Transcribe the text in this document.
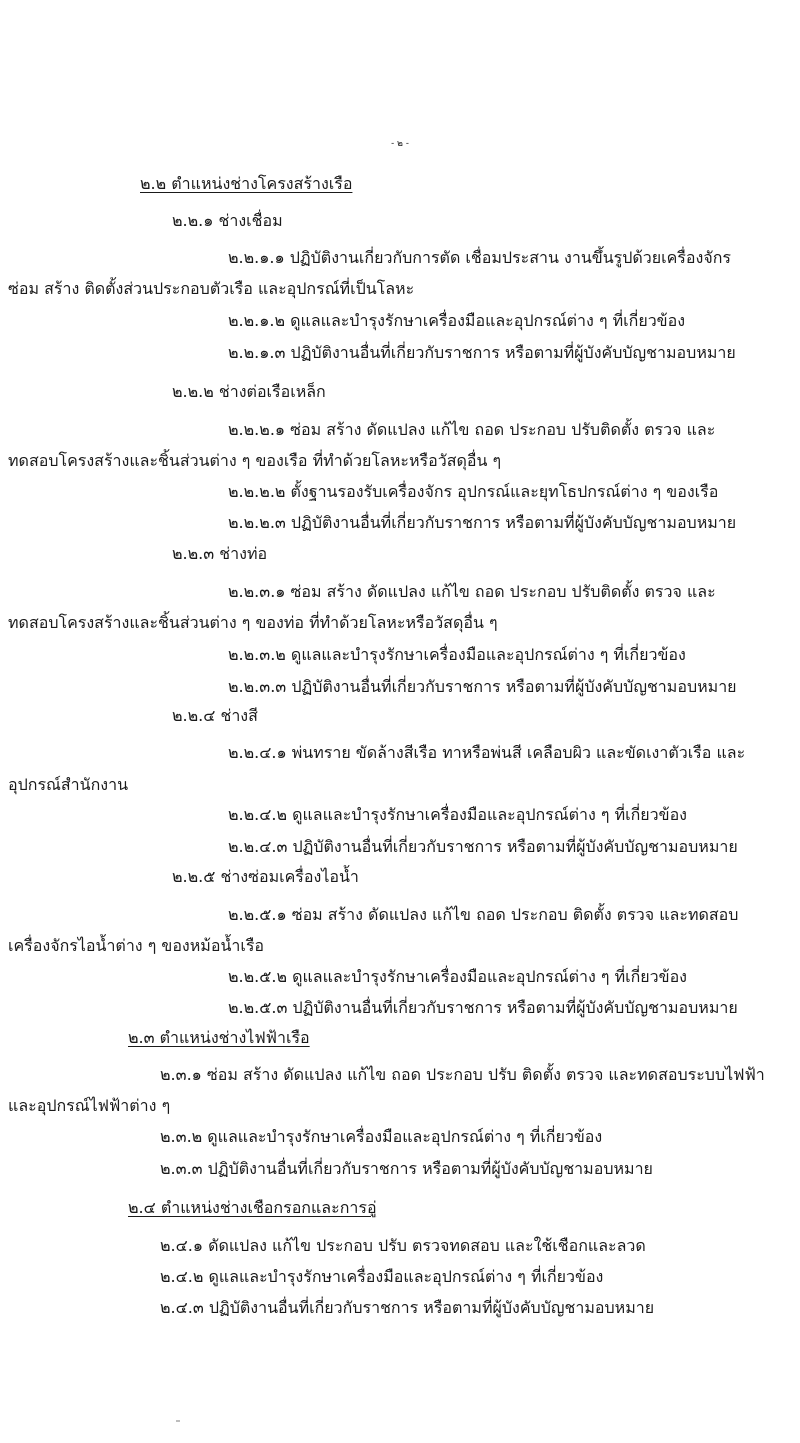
- ๒ -
๒.๒ ตำแหน่งช่างโครงสร้างเรือ
๒.๒.๑ ช่างเชื่อม
๒.๒.๑.๑ ปฏิบัติงานเกี่ยวกับการตัด เชื่อมประสาน งานขึ้นรูปด้วยเครื่องจักร
ซ่อม สร้าง ติดตั้งส่วนประกอบตัวเรือ และอุปกรณ์ที่เป็นโลหะ
๒.๒.๑.๒ ดูแลและบำรุงรักษาเครื่องมือและอุปกรณ์ต่าง ๆ ที่เกี่ยวข้อง
๒.๒.๑.๓ ปฏิบัติงานอื่นที่เกี่ยวกับราชการ หรือตามที่ผู้บังคับบัญชามอบหมาย
๒.๒.๒ ช่างต่อเรือเหล็ก
๒.๒.๒.๑ ซ่อม สร้าง ดัดแปลง แก้ไข ถอด ประกอบ ปรับติดตั้ง ตรวจ และ
ทดสอบโครงสร้างและชิ้นส่วนต่าง ๆ ของเรือ ที่ทำด้วยโลหะหรือวัสดุอื่น ๆ
๒.๒.๒.๒ ตั้งฐานรองรับเครื่องจักร อุปกรณ์และยุทโธปกรณ์ต่าง ๆ ของเรือ
๒.๒.๒.๓ ปฏิบัติงานอื่นที่เกี่ยวกับราชการ หรือตามที่ผู้บังคับบัญชามอบหมาย
๒.๒.๓ ช่างท่อ
๒.๒.๓.๑ ซ่อม สร้าง ดัดแปลง แก้ไข ถอด ประกอบ ปรับติดตั้ง ตรวจ และ
ทดสอบโครงสร้างและชิ้นส่วนต่าง ๆ ของท่อ ที่ทำด้วยโลหะหรือวัสดุอื่น ๆ
๒.๒.๓.๒ ดูแลและบำรุงรักษาเครื่องมือและอุปกรณ์ต่าง ๆ ที่เกี่ยวข้อง
๒.๒.๓.๓ ปฏิบัติงานอื่นที่เกี่ยวกับราชการ หรือตามที่ผู้บังคับบัญชามอบหมาย
๒.๒.๔ ช่างสี
๒.๒.๔.๑ พ่นทราย ขัดล้างสีเรือ ทาหรือพ่นสี เคลือบผิว และขัดเงาตัวเรือ และ
อุปกรณ์สำนักงาน
๒.๒.๔.๒ ดูแลและบำรุงรักษาเครื่องมือและอุปกรณ์ต่าง ๆ ที่เกี่ยวข้อง
๒.๒.๔.๓ ปฏิบัติงานอื่นที่เกี่ยวกับราชการ หรือตามที่ผู้บังคับบัญชามอบหมาย
๒.๒.๕ ช่างซ่อมเครื่องไอน้ำ
๒.๒.๕.๑ ซ่อม สร้าง ดัดแปลง แก้ไข ถอด ประกอบ ติดตั้ง ตรวจ และทดสอบ
เครื่องจักรไอน้ำต่าง ๆ ของหม้อน้ำเรือ
๒.๒.๕.๒ ดูแลและบำรุงรักษาเครื่องมือและอุปกรณ์ต่าง ๆ ที่เกี่ยวข้อง
๒.๒.๕.๓ ปฏิบัติงานอื่นที่เกี่ยวกับราชการ หรือตามที่ผู้บังคับบัญชามอบหมาย
๒.๓ ตำแหน่งช่างไฟฟ้าเรือ
๒.๓.๑ ซ่อม สร้าง ดัดแปลง แก้ไข ถอด ประกอบ ปรับ ติดตั้ง ตรวจ และทดสอบระบบไฟฟ้า
และอุปกรณ์ไฟฟ้าต่าง ๆ
๒.๓.๒ ดูแลและบำรุงรักษาเครื่องมือและอุปกรณ์ต่าง ๆ ที่เกี่ยวข้อง
๒.๓.๓ ปฏิบัติงานอื่นที่เกี่ยวกับราชการ หรือตามที่ผู้บังคับบัญชามอบหมาย
๒.๔ ตำแหน่งช่างเชือกรอกและการอู่
๒.๔.๑ ดัดแปลง แก้ไข ประกอบ ปรับ ตรวจทดสอบ และใช้เชือกและลวด
๒.๔.๒ ดูแลและบำรุงรักษาเครื่องมือและอุปกรณ์ต่าง ๆ ที่เกี่ยวข้อง
๒.๔.๓ ปฏิบัติงานอื่นที่เกี่ยวกับราชการ หรือตามที่ผู้บังคับบัญชามอบหมาย
